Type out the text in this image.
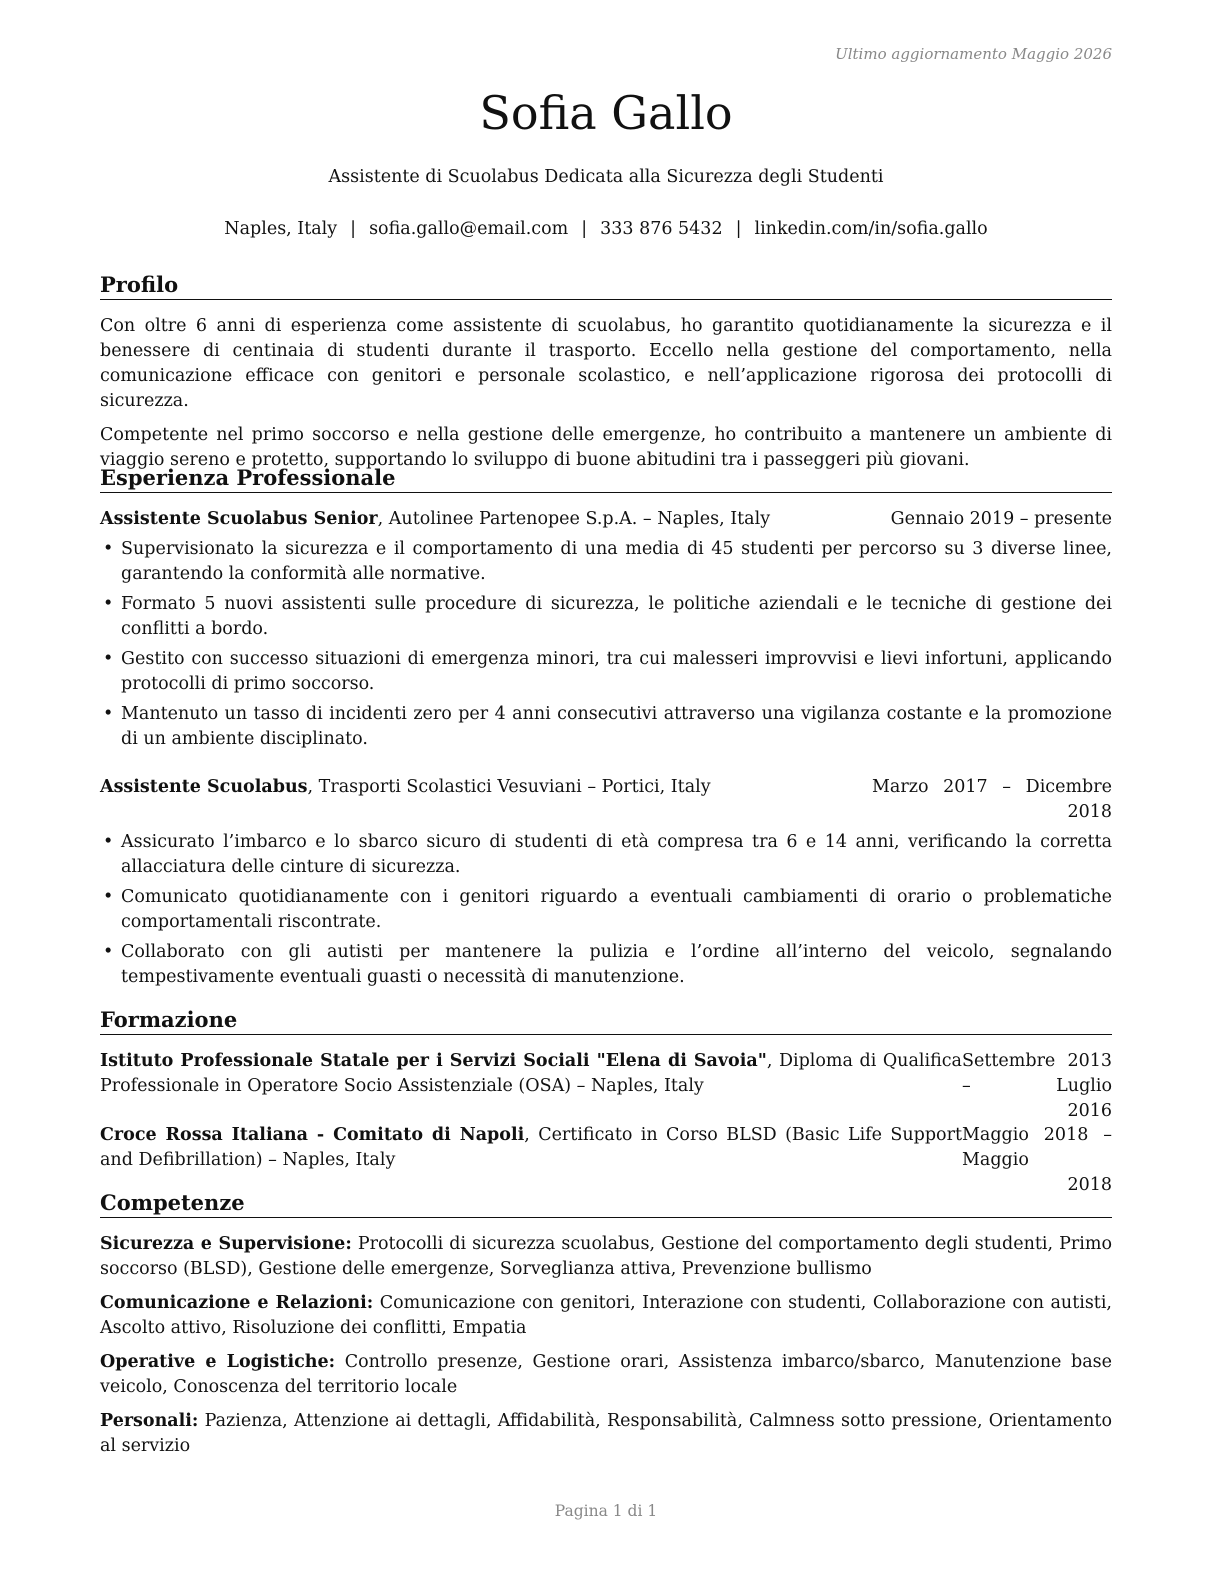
Ultimo aggiornamento Maggio 2026
Sofia Gallo
Assistente di Scuolabus Dedicata alla Sicurezza degli Studenti
Naples, Italy | sofia.gallo@email.com | 333 876 5432 | linkedin.com/in/sofia.gallo
Profilo

Con oltre 6 anni di esperienza come assistente di scuolabus, ho garantito quotidianamente la sicurezza e il benessere di centinaia di studenti durante il trasporto. Eccello nella gestione del comportamento, nella comunicazione efficace con genitori e personale scolastico, e nell’applicazione rigorosa dei protocolli di sicurezza.

Competente nel primo soccorso e nella gestione delle emergenze, ho contribuito a mantenere un ambiente di viaggio sereno e protetto, supportando lo sviluppo di buone abitudini tra i passeggeri più giovani.

Esperienza Professionale
Assistente Scuolabus Senior, Autolinee Partenopee S.p.A. – Naples, Italy	Gennaio 2019 – presente
• Supervisionato la sicurezza e il comportamento di una media di 45 studenti per percorso su 3 diverse linee, garantendo la conformità alle normative.
• Formato 5 nuovi assistenti sulle procedure di sicurezza, le politiche aziendali e le tecniche di gestione dei conflitti a bordo.
• Gestito con successo situazioni di emergenza minori, tra cui malesseri improvvisi e lievi infortuni, applicando protocolli di primo soccorso.
• Mantenuto un tasso di incidenti zero per 4 anni consecutivi attraverso una vigilanza costante e la promozione di un ambiente disciplinato.
Assistente Scuolabus, Trasporti Scolastici Vesuviani – Portici, Italy	Marzo 2017 – Dicembre
2018
• Assicurato l’imbarco e lo sbarco sicuro di studenti di età compresa tra 6 e 14 anni, verificando la corretta allacciatura delle cinture di sicurezza.
• Comunicato quotidianamente con i genitori riguardo a eventuali cambiamenti di orario o problematiche comportamentali riscontrate.
• Collaborato con gli autisti per mantenere la pulizia e l’ordine all’interno del veicolo, segnalando tempestivamente eventuali guasti o necessità di manutenzione.
Formazione
Istituto Professionale Statale per i Servizi Sociali "Elena di Savoia", Diploma di Qualifica Professionale in Operatore Socio Assistenziale (OSA) – Naples, Italy
Settembre 2013 – Luglio
2016
Croce Rossa Italiana - Comitato di Napoli, Certificato in Corso BLSD (Basic Life Support and Defibrillation) – Naples, Italy
Maggio 2018 – Maggio
2018
Competenze

Sicurezza e Supervisione: Protocolli di sicurezza scuolabus, Gestione del comportamento degli studenti, Primo soccorso (BLSD), Gestione delle emergenze, Sorveglianza attiva, Prevenzione bullismo

Comunicazione e Relazioni: Comunicazione con genitori, Interazione con studenti, Collaborazione con autisti, Ascolto attivo, Risoluzione dei conflitti, Empatia

Operative e Logistiche: Controllo presenze, Gestione orari, Assistenza imbarco/sbarco, Manutenzione base veicolo, Conoscenza del territorio locale

Personali: Pazienza, Attenzione ai dettagli, Affidabilità, Responsabilità, Calmness sotto pressione, Orientamento al servizio

Pagina 1 di 1
